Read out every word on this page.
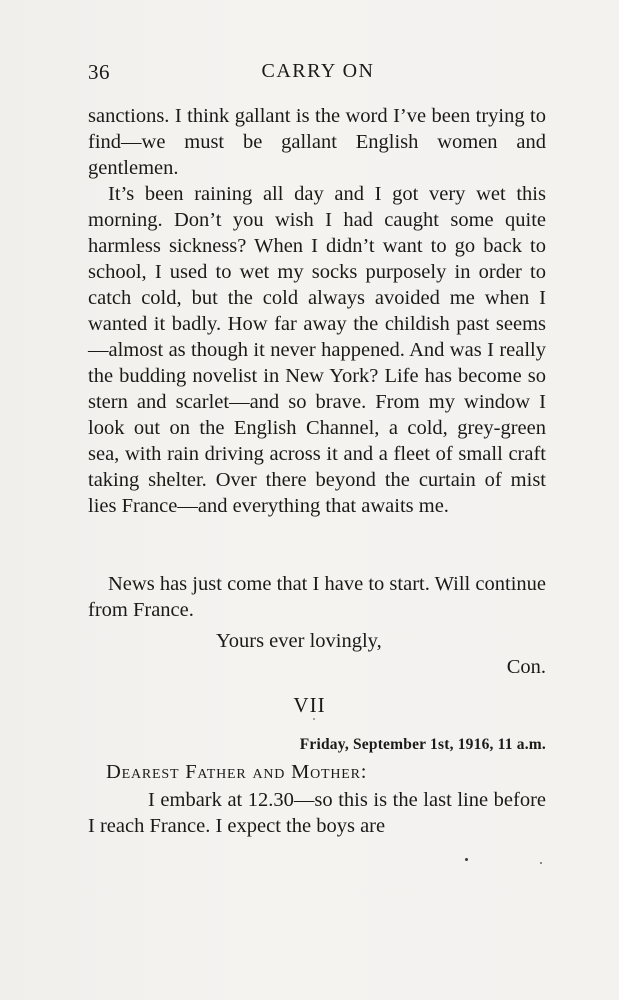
36	CARRY ON

sanctions. I think gallant is the word I’ve been trying to find—we must be gallant English women and gentlemen.

It’s been raining all day and I got very wet this morning. Don’t you wish I had caught some quite harmless sickness? When I didn’t want to go back to school, I used to wet my socks purposely in order to catch cold, but the cold always avoided me when I wanted it badly. How far away the childish past seems—almost as though it never happened. And was I really the budding novelist in New York? Life has become so stern and scarlet—and so brave. From my window I look out on the English Channel, a cold, grey-green sea, with rain driving across it and a fleet of small craft taking shelter. Over there beyond the curtain of mist lies France—and everything that awaits me.

News has just come that I have to start. Will continue from France.

Yours ever lovingly,
Con.
VII
Friday, September 1st, 1916, 11 a.m.
Dearest Father and Mother:

I embark at 12.30—so this is the last line before I reach France. I expect the boys are
